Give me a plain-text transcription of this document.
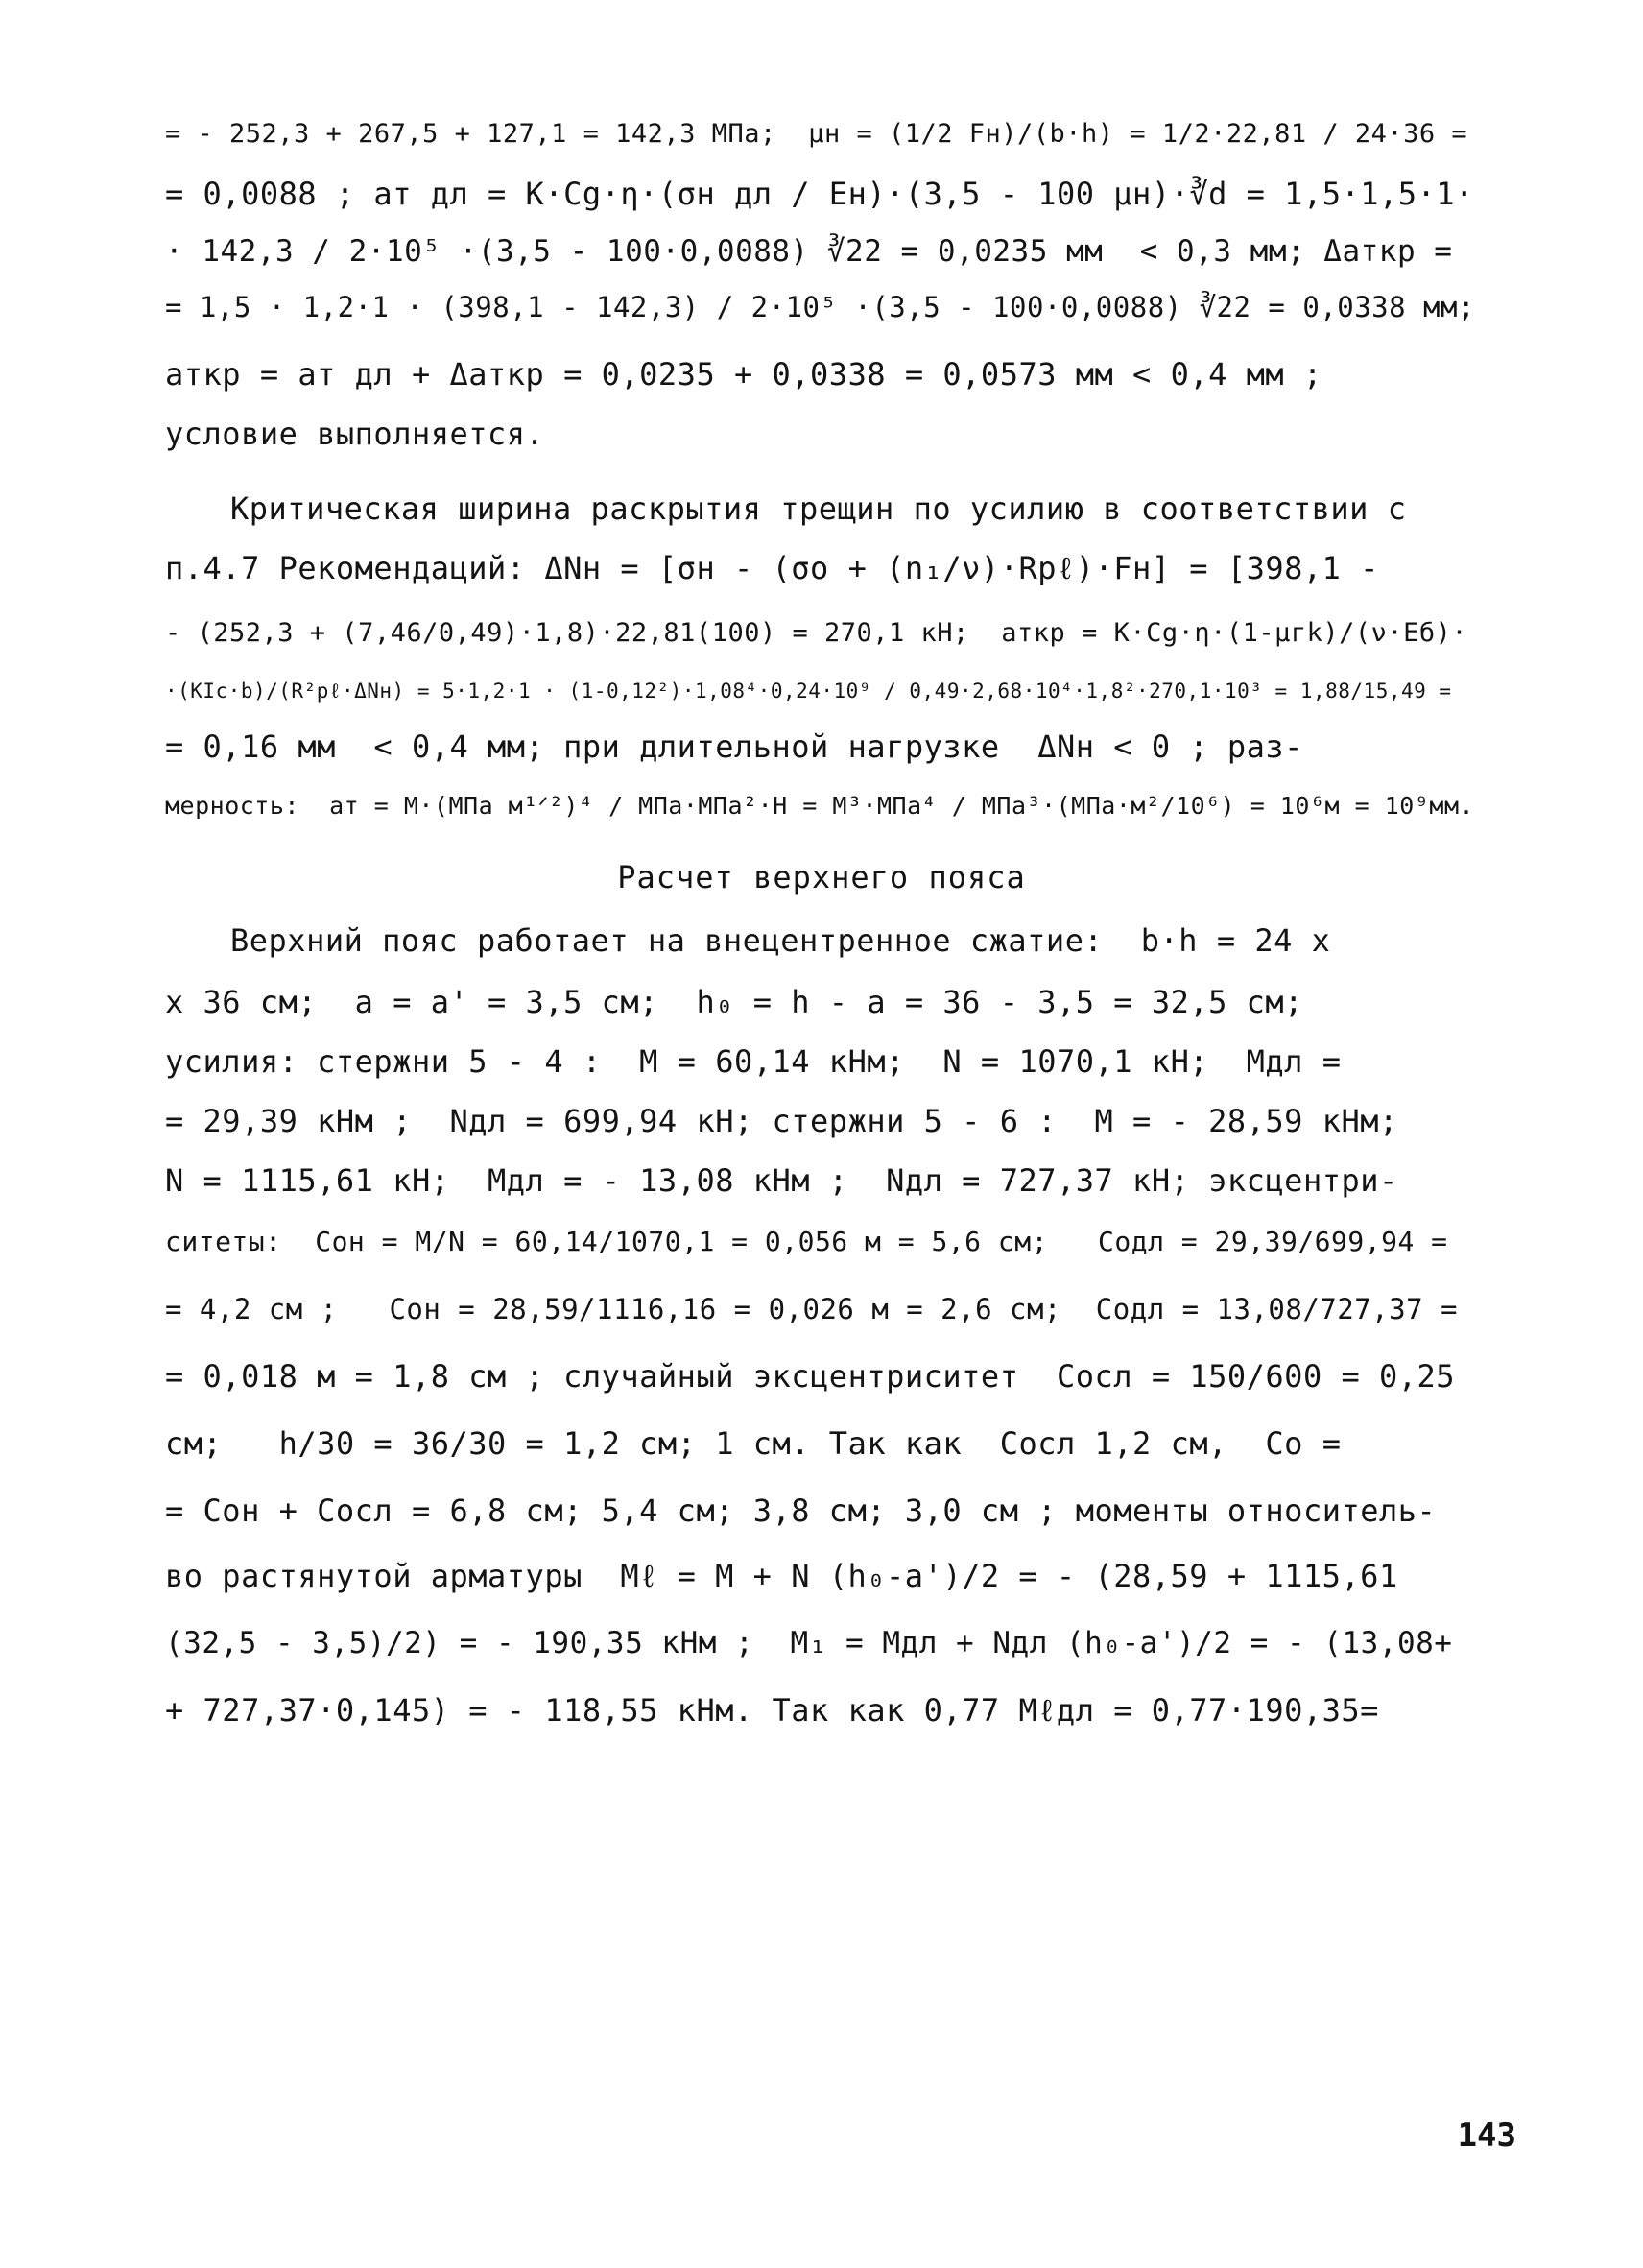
= - 252,3 + 267,5 + 127,1 = 142,3 МПа;  μн = (1/2 Fн)/(b·h) = 1/2·22,81 / 24·36 =
= 0,0088 ; aт дл = K·Cg·η·(σн дл / Eн)·(3,5 - 100 μн)·∛d = 1,5·1,5·1·
· 142,3 / 2·10⁵ ·(3,5 - 100·0,0088) ∛22 = 0,0235 мм  < 0,3 мм; Δaткр =
= 1,5 · 1,2·1 · (398,1 - 142,3) / 2·10⁵ ·(3,5 - 100·0,0088) ∛22 = 0,0338 мм;
aткр = aт дл + Δaткр = 0,0235 + 0,0338 = 0,0573 мм < 0,4 мм ;
условие выполняется.
Критическая ширина раскрытия трещин по усилию в соответствии с
п.4.7 Рекомендаций: ΔNн = [σн - (σo + (n₁/ν)·Rрℓ)·Fн] = [398,1 -
- (252,3 + (7,46/0,49)·1,8)·22,81(100) = 270,1 кН;  aткр = K·Cg·η·(1-μгk)/(ν·Eб)·
·(KIc·b)/(R²рℓ·ΔNн) = 5·1,2·1 · (1-0,12²)·1,08⁴·0,24·10⁹ / 0,49·2,68·10⁴·1,8²·270,1·10³ = 1,88/15,49 =
= 0,16 мм  < 0,4 мм; при длительной нагрузке  ΔNн < 0 ; раз-
мерность:  aт = M·(МПа м¹ᐟ²)⁴ / МПа·МПа²·Н = M³·МПа⁴ / МПа³·(МПа·м²/10⁶) = 10⁶м = 10⁹мм.
Расчет верхнего пояса
Верхний пояс работает на внецентренное сжатие:  b·h = 24 x
x 36 см;  a = a' = 3,5 см;  h₀ = h - a = 36 - 3,5 = 32,5 см;
усилия: стержни 5 - 4 :  M = 60,14 кНм;  N = 1070,1 кН;  Mдл =
= 29,39 кНм ;  Nдл = 699,94 кН; стержни 5 - 6 :  M = - 28,59 кНм;
N = 1115,61 кН;  Mдл = - 13,08 кНм ;  Nдл = 727,37 кН; эксцентри-
ситеты:  Coн = M/N = 60,14/1070,1 = 0,056 м = 5,6 см;   Coдл = 29,39/699,94 =
= 4,2 см ;   Coн = 28,59/1116,16 = 0,026 м = 2,6 см;  Coдл = 13,08/727,37 =
= 0,018 м = 1,8 см ; случайный эксцентриситет  Cocл = 150/600 = 0,25
см;   h/30 = 36/30 = 1,2 см; 1 см. Так как  Cocл 1,2 см,  Co =
= Coн + Cocл = 6,8 см; 5,4 см; 3,8 см; 3,0 см ; моменты относитель-
во растянутой арматуры  Mℓ = M + N (h₀-a')/2 = - (28,59 + 1115,61
(32,5 - 3,5)/2) = - 190,35 кНм ;  M₁ = Mдл + Nдл (h₀-a')/2 = - (13,08+
+ 727,37·0,145) = - 118,55 кНм. Так как 0,77 Mℓдл = 0,77·190,35=
143
